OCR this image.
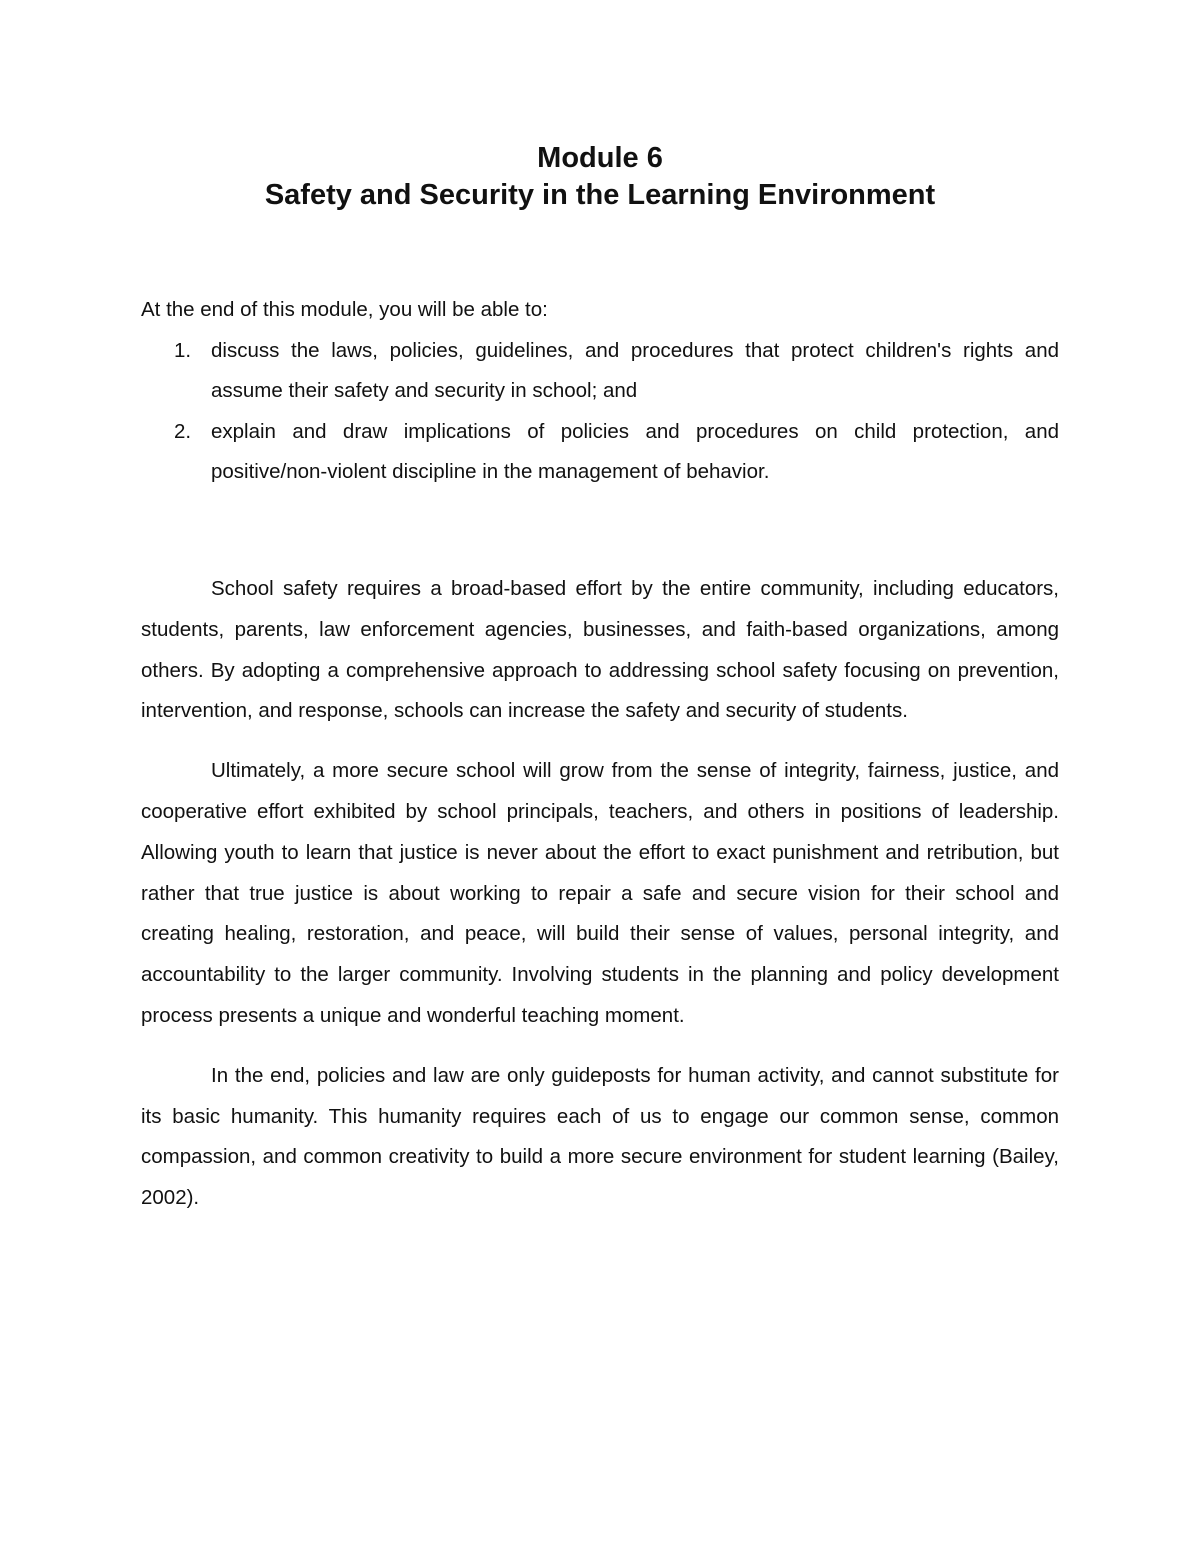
Module 6
Safety and Security in the Learning Environment

At the end of this module, you will be able to:

1. discuss the laws, policies, guidelines, and procedures that protect children's rights and assume their safety and security in school; and
2. explain and draw implications of policies and procedures on child protection, and positive/non-violent discipline in the management of behavior.

School safety requires a broad-based effort by the entire community, including educators, students, parents, law enforcement agencies, businesses, and faith-based organizations, among others. By adopting a comprehensive approach to addressing school safety focusing on prevention, intervention, and response, schools can increase the safety and security of students.

Ultimately, a more secure school will grow from the sense of integrity, fairness, justice, and cooperative effort exhibited by school principals, teachers, and others in positions of leadership. Allowing youth to learn that justice is never about the effort to exact punishment and retribution, but rather that true justice is about working to repair a safe and secure vision for their school and creating healing, restoration, and peace, will build their sense of values, personal integrity, and accountability to the larger community. Involving students in the planning and policy development process presents a unique and wonderful teaching moment.

In the end, policies and law are only guideposts for human activity, and cannot substitute for its basic humanity. This humanity requires each of us to engage our common sense, common compassion, and common creativity to build a more secure environment for student learning (Bailey, 2002).
